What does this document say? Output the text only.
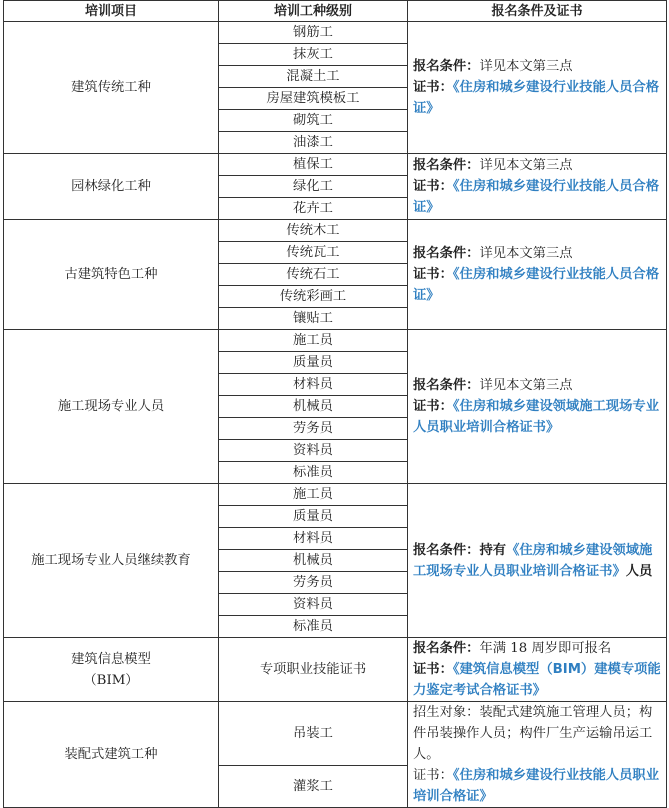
培训项目	培训工种级别	报名条件及证书
建筑传统工种	钢筋工	报名条件：详见本文第三点
证书：《住房和城乡建设行业技能人员合格证》

	抹灰工	
	混凝土工	
	房屋建筑模板工	
	砌筑工	
	油漆工	
园林绿化工种	植保工	报名条件：详见本文第三点
证书：《住房和城乡建设行业技能人员合格证》

	绿化工	
	花卉工	
古建筑特色工种	传统木工	报名条件：详见本文第三点
证书：《住房和城乡建设行业技能人员合格证》

	传统瓦工	
	传统石工	
	传统彩画工	
	镶贴工	
施工现场专业人员	施工员	报名条件：详见本文第三点
证书：《住房和城乡建设领域施工现场专业人员职业培训合格证书》

	质量员	
	材料员	
	机械员	
	劳务员	
	资料员	
	标准员	
施工现场专业人员继续教育	施工员	报名条件：持有《住房和城乡建设领域施工现场专业人员职业培训合格证书》人员
	质量员	
	材料员	
	机械员	
	劳务员	
	资料员	
	标准员	

建筑信息模型
（BIM）	专项职业技能证书	报名条件：年满 18 周岁即可报名
证书：《建筑信息模型（BIM）建模专项能力鉴定考试合格证书》

装配式建筑工种	吊装工	招生对象：装配式建筑施工管理人员；构件吊装操作人员；构件厂生产运输吊运工人。
证书：《住房和城乡建设行业技能人员职业培训合格证》

	灌浆工	
